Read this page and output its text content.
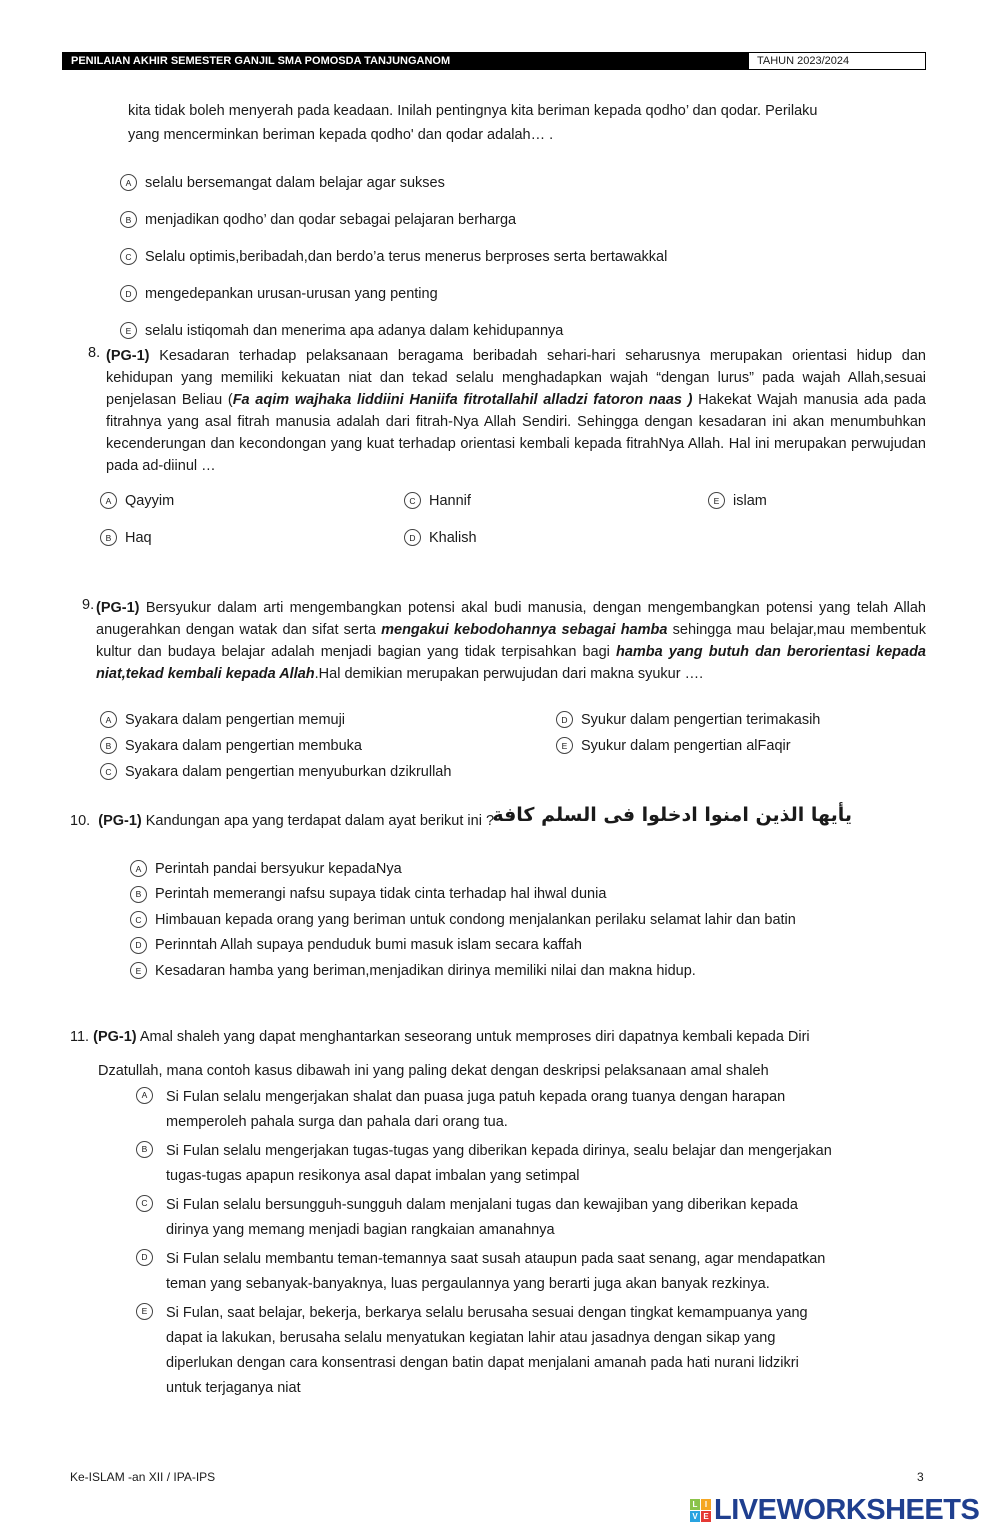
PENILAIAN AKHIR SEMESTER GANJIL SMA POMOSDA TANJUNGANOM	TAHUN 2023/2024
kita tidak boleh menyerah pada keadaan. Inilah pentingnya kita beriman kepada qodho’ dan qodar. Perilaku
yang mencerminkan beriman kepada qodho' dan qodar adalah… .
A selalu bersemangat dalam belajar agar sukses
B menjadikan qodho’ dan qodar sebagai pelajaran berharga
C Selalu optimis,beribadah,dan berdo’a terus menerus berproses serta bertawakkal
D mengedepankan urusan-urusan yang penting
E selalu istiqomah dan menerima apa adanya dalam kehidupannya
8. (PG-1) Kesadaran terhadap pelaksanaan beragama beribadah sehari-hari seharusnya merupakan orientasi hidup dan kehidupan yang memiliki kekuatan niat dan tekad selalu menghadapkan wajah “dengan lurus” pada wajah Allah,sesuai penjelasan Beliau (Fa aqim wajhaka liddiini Haniifa fitrotallahil alladzi fatoron naas ) Hakekat Wajah manusia ada pada fitrahnya yang asal fitrah manusia adalah dari fitrah-Nya Allah Sendiri. Sehingga dengan kesadaran ini akan menumbuhkan kecenderungan dan kecondongan yang kuat terhadap orientasi kembali kepada fitrahNya Allah. Hal ini merupakan perwujudan pada ad-diinul …
A Qayyim
B Haq
C Hannif
D Khalish
E islam
9. (PG-1) Bersyukur dalam arti mengembangkan potensi akal budi manusia, dengan mengembangkan potensi yang telah Allah anugerahkan dengan watak dan sifat serta mengakui kebodohannya sebagai hamba sehingga mau belajar,mau membentuk kultur dan budaya belajar adalah menjadi bagian yang tidak terpisahkan bagi hamba yang butuh dan berorientasi kepada niat,tekad kembali kepada Allah.Hal demikian merupakan perwujudan dari makna syukur ….
A Syakara dalam pengertian memuji
B Syakara dalam pengertian membuka
C Syakara dalam pengertian menyuburkan dzikrullah
D Syukur dalam pengertian terimakasih
E Syukur dalam pengertian alFaqir
10. (PG-1) Kandungan apa yang terdapat dalam ayat berikut ini ?
يأيها الذين امنوا ادخلوا فى السلم كافة
A Perintah pandai bersyukur kepadaNya
B Perintah memerangi nafsu supaya tidak cinta terhadap hal ihwal dunia
C Himbauan kepada orang yang beriman untuk condong menjalankan perilaku selamat lahir dan batin
D Perinntah Allah supaya penduduk bumi masuk islam secara kaffah
E Kesadaran hamba yang beriman,menjadikan dirinya memiliki nilai dan makna hidup.
11. (PG-1) Amal shaleh yang dapat menghantarkan seseorang untuk memproses diri dapatnya kembali kepada Diri
Dzatullah, mana contoh kasus dibawah ini yang paling dekat dengan deskripsi pelaksanaan amal shaleh
A	Si Fulan selalu mengerjakan shalat dan puasa juga patuh kepada orang tuanya dengan harapan
memperoleh pahala surga dan pahala dari orang tua.
B	Si Fulan selalu mengerjakan tugas-tugas yang diberikan kepada dirinya, sealu belajar dan mengerjakan
tugas-tugas apapun resikonya asal dapat imbalan yang setimpal
C	Si Fulan selalu bersungguh-sungguh dalam menjalani tugas dan kewajiban yang diberikan kepada
dirinya yang memang menjadi bagian rangkaian amanahnya
D	Si Fulan selalu membantu teman-temannya saat susah ataupun pada saat senang, agar mendapatkan
teman yang sebanyak-banyaknya, luas pergaulannya yang berarti juga akan banyak rezkinya.
E	Si Fulan, saat belajar, bekerja, berkarya selalu berusaha sesuai dengan tingkat kemampuanya yang
dapat ia lakukan, berusaha selalu menyatukan kegiatan lahir atau jasadnya dengan sikap yang
diperlukan dengan cara konsentrasi dengan batin dapat menjalani amanah pada hati nurani lidzikri
untuk terjaganya niat
Ke-ISLAM -an XII / IPA-IPS	3
L I
V E LIVEWORKSHEETS
